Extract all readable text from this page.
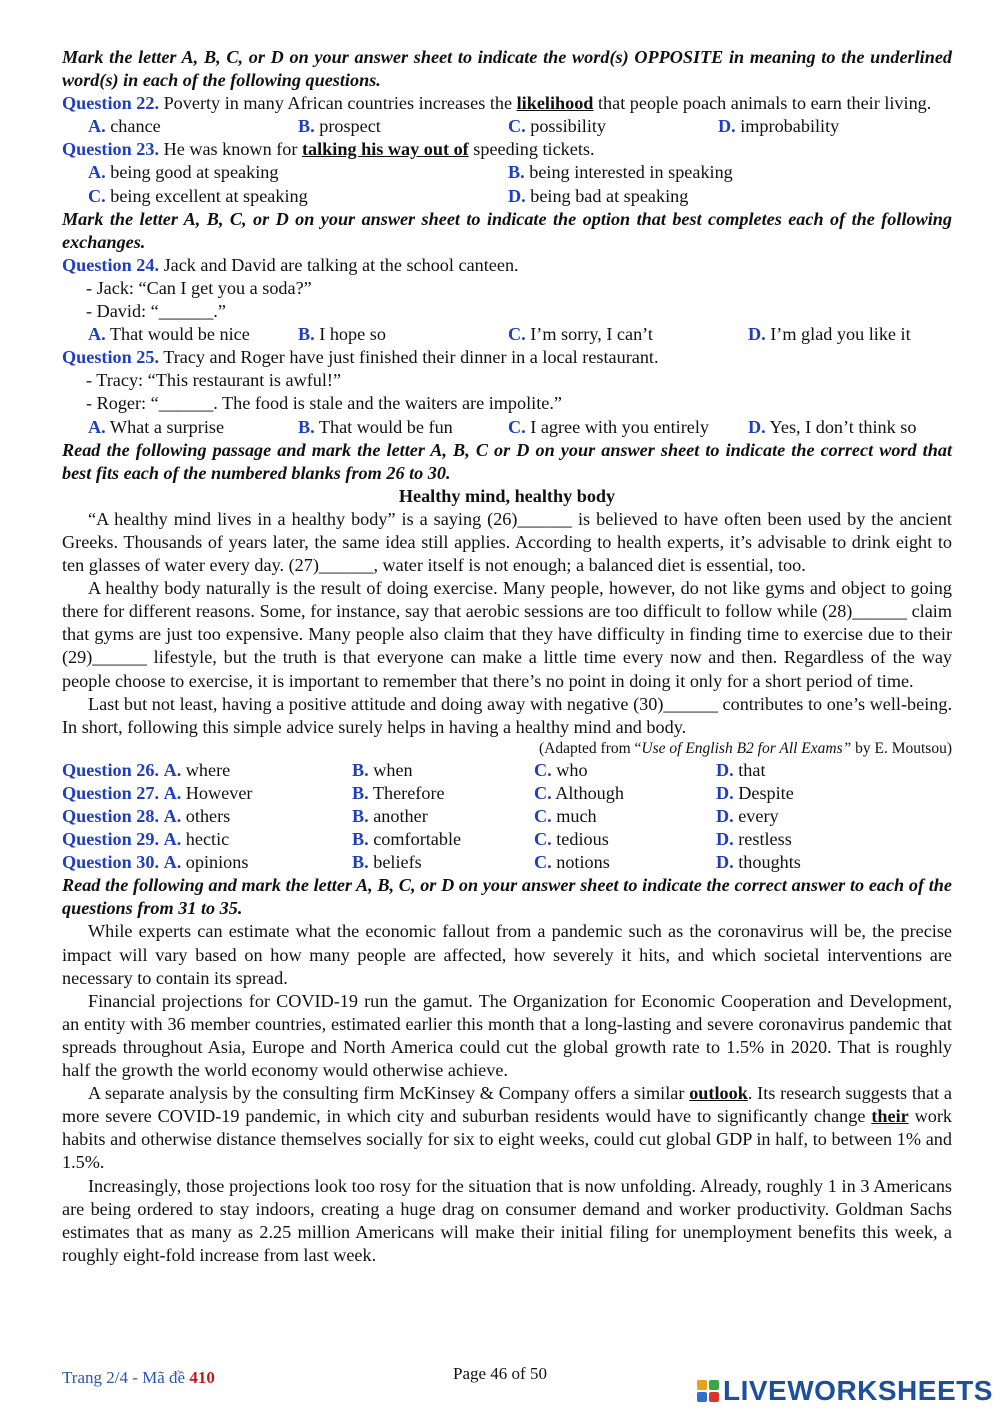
Mark the letter A, B, C, or D on your answer sheet to indicate the word(s) OPPOSITE in meaning to the underlined word(s) in each of the following questions.
Question 22. Poverty in many African countries increases the likelihood that people poach animals to earn their living.
A. chance	B. prospect	C. possibility	D. improbability
Question 23. He was known for talking his way out of speeding tickets.
A. being good at speaking	B. being interested in speaking
C. being excellent at speaking	D. being bad at speaking
Mark the letter A, B, C, or D on your answer sheet to indicate the option that best completes each of the following exchanges.
Question 24. Jack and David are talking at the school canteen.
- Jack: “Can I get you a soda?”
- David: “______.”
A. That would be nice	B. I hope so	C. I’m sorry, I can’t	D. I’m glad you like it
Question 25. Tracy and Roger have just finished their dinner in a local restaurant.
- Tracy: “This restaurant is awful!”
- Roger: “______. The food is stale and the waiters are impolite.”
A. What a surprise	B. That would be fun	C. I agree with you entirely	D. Yes, I don’t think so
Read the following passage and mark the letter A, B, C or D on your answer sheet to indicate the correct word that best fits each of the numbered blanks from 26 to 30.
Healthy mind, healthy body
“A healthy mind lives in a healthy body” is a saying (26)______ is believed to have often been used by the ancient Greeks. Thousands of years later, the same idea still applies. According to health experts, it’s advisable to drink eight to ten glasses of water every day. (27)______, water itself is not enough; a balanced diet is essential, too.
A healthy body naturally is the result of doing exercise. Many people, however, do not like gyms and object to going there for different reasons. Some, for instance, say that aerobic sessions are too difficult to follow while (28)______ claim that gyms are just too expensive. Many people also claim that they have difficulty in finding time to exercise due to their (29)______ lifestyle, but the truth is that everyone can make a little time every now and then. Regardless of the way people choose to exercise, it is important to remember that there’s no point in doing it only for a short period of time.
Last but not least, having a positive attitude and doing away with negative (30)______ contributes to one’s well-being. In short, following this simple advice surely helps in having a healthy mind and body.
(Adapted from “Use of English B2 for All Exams” by E. Moutsou)
Question 26. A. where	B. when	C. who	D. that
Question 27. A. However	B. Therefore	C. Although	D. Despite
Question 28. A. others	B. another	C. much	D. every
Question 29. A. hectic	B. comfortable	C. tedious	D. restless
Question 30. A. opinions	B. beliefs	C. notions	D. thoughts
Read the following and mark the letter A, B, C, or D on your answer sheet to indicate the correct answer to each of the questions from 31 to 35.
While experts can estimate what the economic fallout from a pandemic such as the coronavirus will be, the precise impact will vary based on how many people are affected, how severely it hits, and which societal interventions are necessary to contain its spread.
Financial projections for COVID-19 run the gamut. The Organization for Economic Cooperation and Development, an entity with 36 member countries, estimated earlier this month that a long-lasting and severe coronavirus pandemic that spreads throughout Asia, Europe and North America could cut the global growth rate to 1.5% in 2020. That is roughly half the growth the world economy would otherwise achieve.
A separate analysis by the consulting firm McKinsey & Company offers a similar outlook. Its research suggests that a more severe COVID-19 pandemic, in which city and suburban residents would have to significantly change their work habits and otherwise distance themselves socially for six to eight weeks, could cut global GDP in half, to between 1% and 1.5%.
Increasingly, those projections look too rosy for the situation that is now unfolding. Already, roughly 1 in 3 Americans are being ordered to stay indoors, creating a huge drag on consumer demand and worker productivity. Goldman Sachs estimates that as many as 2.25 million Americans will make their initial filing for unemployment benefits this week, a roughly eight-fold increase from last week.
Trang 2/4 - Mã đề 410	Page 46 of 50
LIVEWORKSHEETS
